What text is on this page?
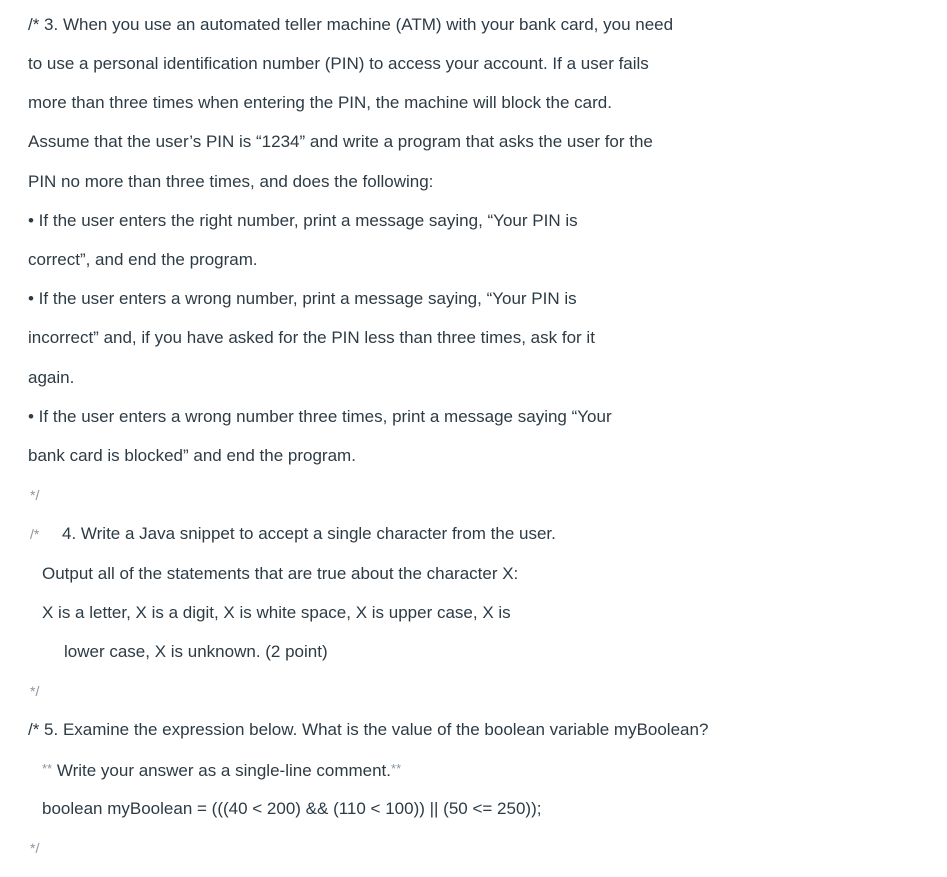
/* 3. When you use an automated teller machine (ATM) with your bank card, you need
to use a personal identification number (PIN) to access your account. If a user fails
more than three times when entering the PIN, the machine will block the card.
Assume that the user’s PIN is “1234” and write a program that asks the user for the
PIN no more than three times, and does the following:
• If the user enters the right number, print a message saying, “Your PIN is
correct”, and end the program.
• If the user enters a wrong number, print a message saying, “Your PIN is
incorrect” and, if you have asked for the PIN less than three times, ask for it
again.
• If the user enters a wrong number three times, print a message saying “Your
bank card is blocked” and end the program.
*/
/* 4. Write a Java snippet to accept a single character from the user.
Output all of the statements that are true about the character X:
X is a letter, X is a digit, X is white space, X is upper case, X is
lower case, X is unknown. (2 point)
*/
/* 5. Examine the expression below. What is the value of the boolean variable myBoolean?
** Write your answer as a single-line comment.**
boolean myBoolean = (((40 < 200) && (110 < 100)) || (50 <= 250));
*/
